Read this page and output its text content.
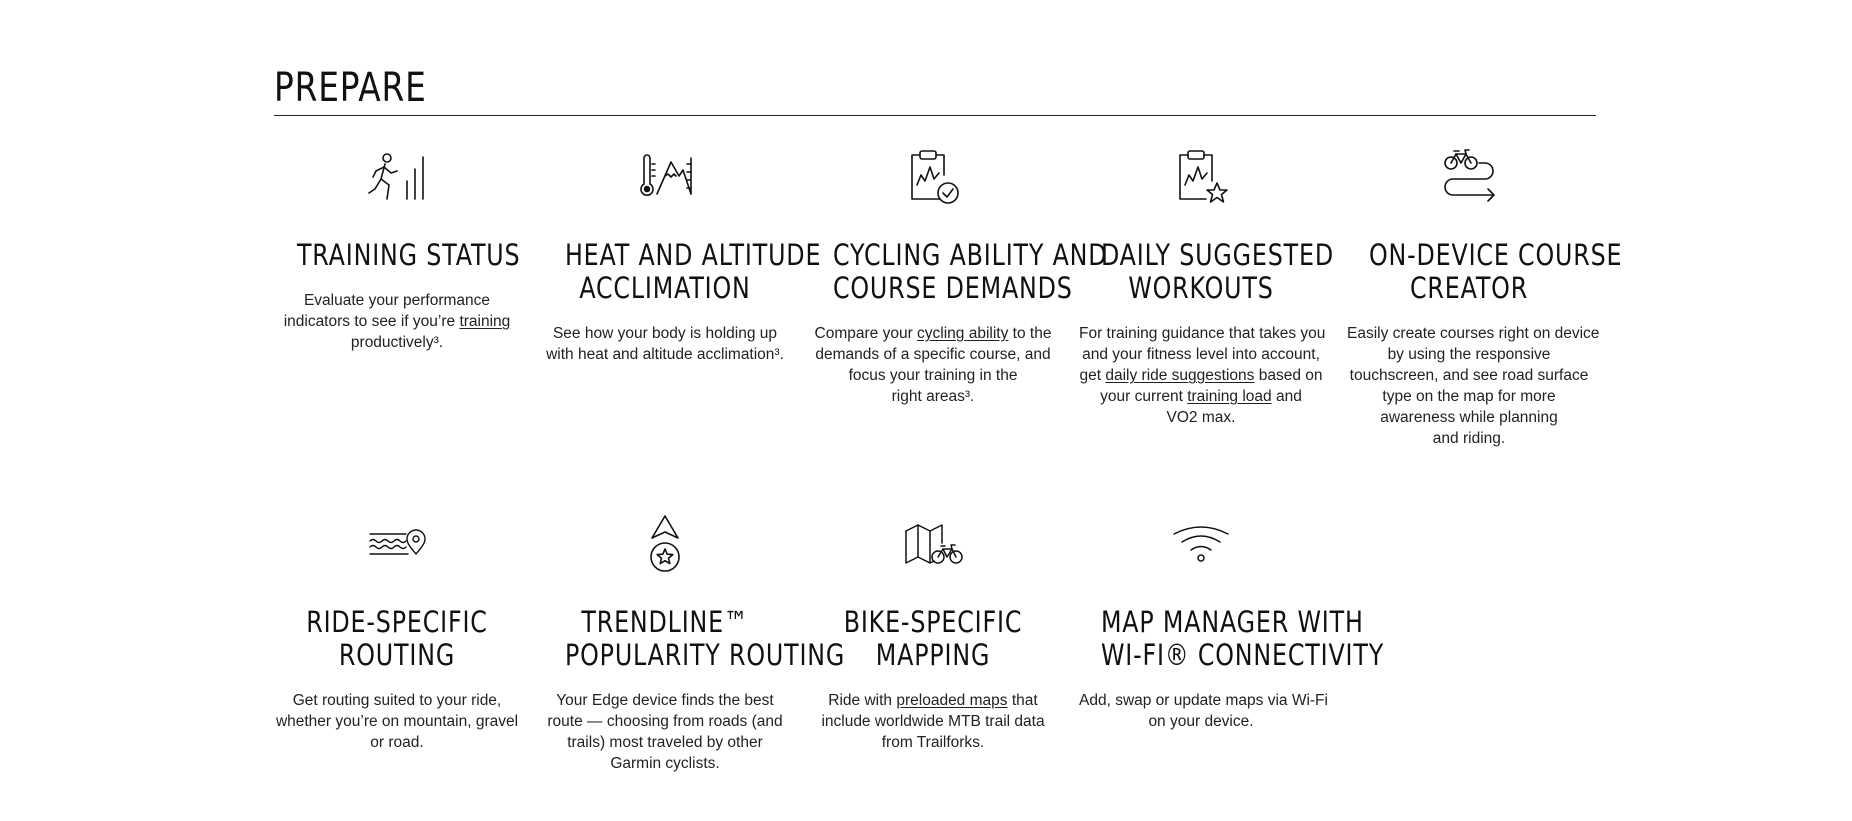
PREPARE
TRAINING STATUS

Evaluate your performance
indicators to see if you’re training
productively³.

HEAT AND ALTITUDE
ACCLIMATION

See how your body is holding up
with heat and altitude acclimation³.

CYCLING ABILITY AND
COURSE DEMANDS

Compare your cycling ability to the
demands of a specific course, and
focus your training in the
right areas³.

DAILY SUGGESTED
WORKOUTS

For training guidance that takes you
and your fitness level into account,
get daily ride suggestions based on
your current training load and
VO2 max.

ON-DEVICE COURSE
CREATOR

Easily create courses right on device
by using the responsive
touchscreen, and see road surface
type on the map for more
awareness while planning
and riding.

RIDE-SPECIFIC
ROUTING

Get routing suited to your ride,
whether you’re on mountain, gravel
or road.

TRENDLINE™
POPULARITY ROUTING

Your Edge device finds the best
route — choosing from roads (and
trails) most traveled by other
Garmin cyclists.

BIKE-SPECIFIC
MAPPING

Ride with preloaded maps that
include worldwide MTB trail data
from Trailforks.

MAP MANAGER WITH
WI-FI® CONNECTIVITY

Add, swap or update maps via Wi-Fi
on your device.
